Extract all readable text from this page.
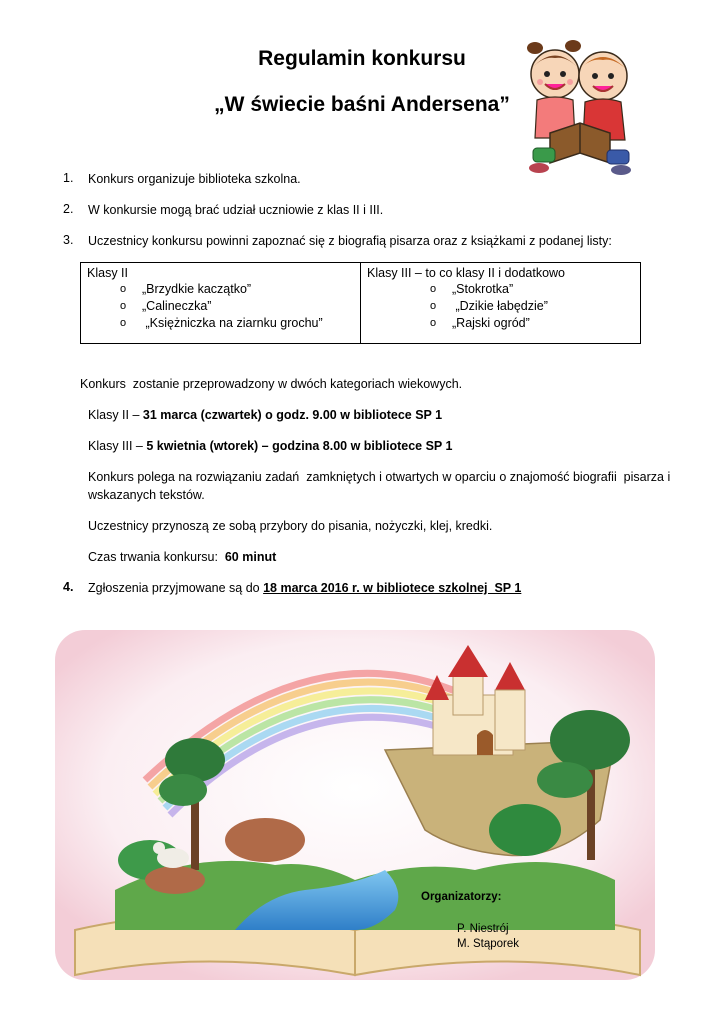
Regulamin konkursu
„W świecie baśni Andersena”
1. Konkurs organizuje biblioteka szkolna.

2. W konkursie mogą brać udział uczniowie z klas II i III.

3. Uczestnicy konkursu powinni zapoznać się z biografią pisarza oraz z książkami z podanej listy:

Klasy II
o	„Brzydkie kaczątko”
o	„Calineczka”
o	„Księżniczka na ziarnku grochu”

Klasy III – to co klasy II i dodatkowo
o	„Stokrotka”
o	„Dzikie łabędzie”
o	„Rajski ogród”

Konkurs  zostanie przeprowadzony w dwóch kategoriach wiekowych.

Klasy II – 31 marca (czwartek) o godz. 9.00 w bibliotece SP 1

Klasy III – 5 kwietnia (wtorek) – godzina 8.00 w bibliotece SP 1

Konkurs polega na rozwiązaniu zadań  zamkniętych i otwartych w oparciu o znajomość biografii  pisarza i

wskazanych tekstów.

Uczestnicy przynoszą ze sobą przybory do pisania, nożyczki, klej, kredki.

Czas trwania konkursu:  60 minut

4. Zgłoszenia przyjmowane są do 18 marca 2016 r. w bibliotece szkolnej  SP 1

Organizatorzy:
P. Niestrój
M. Stąporek
